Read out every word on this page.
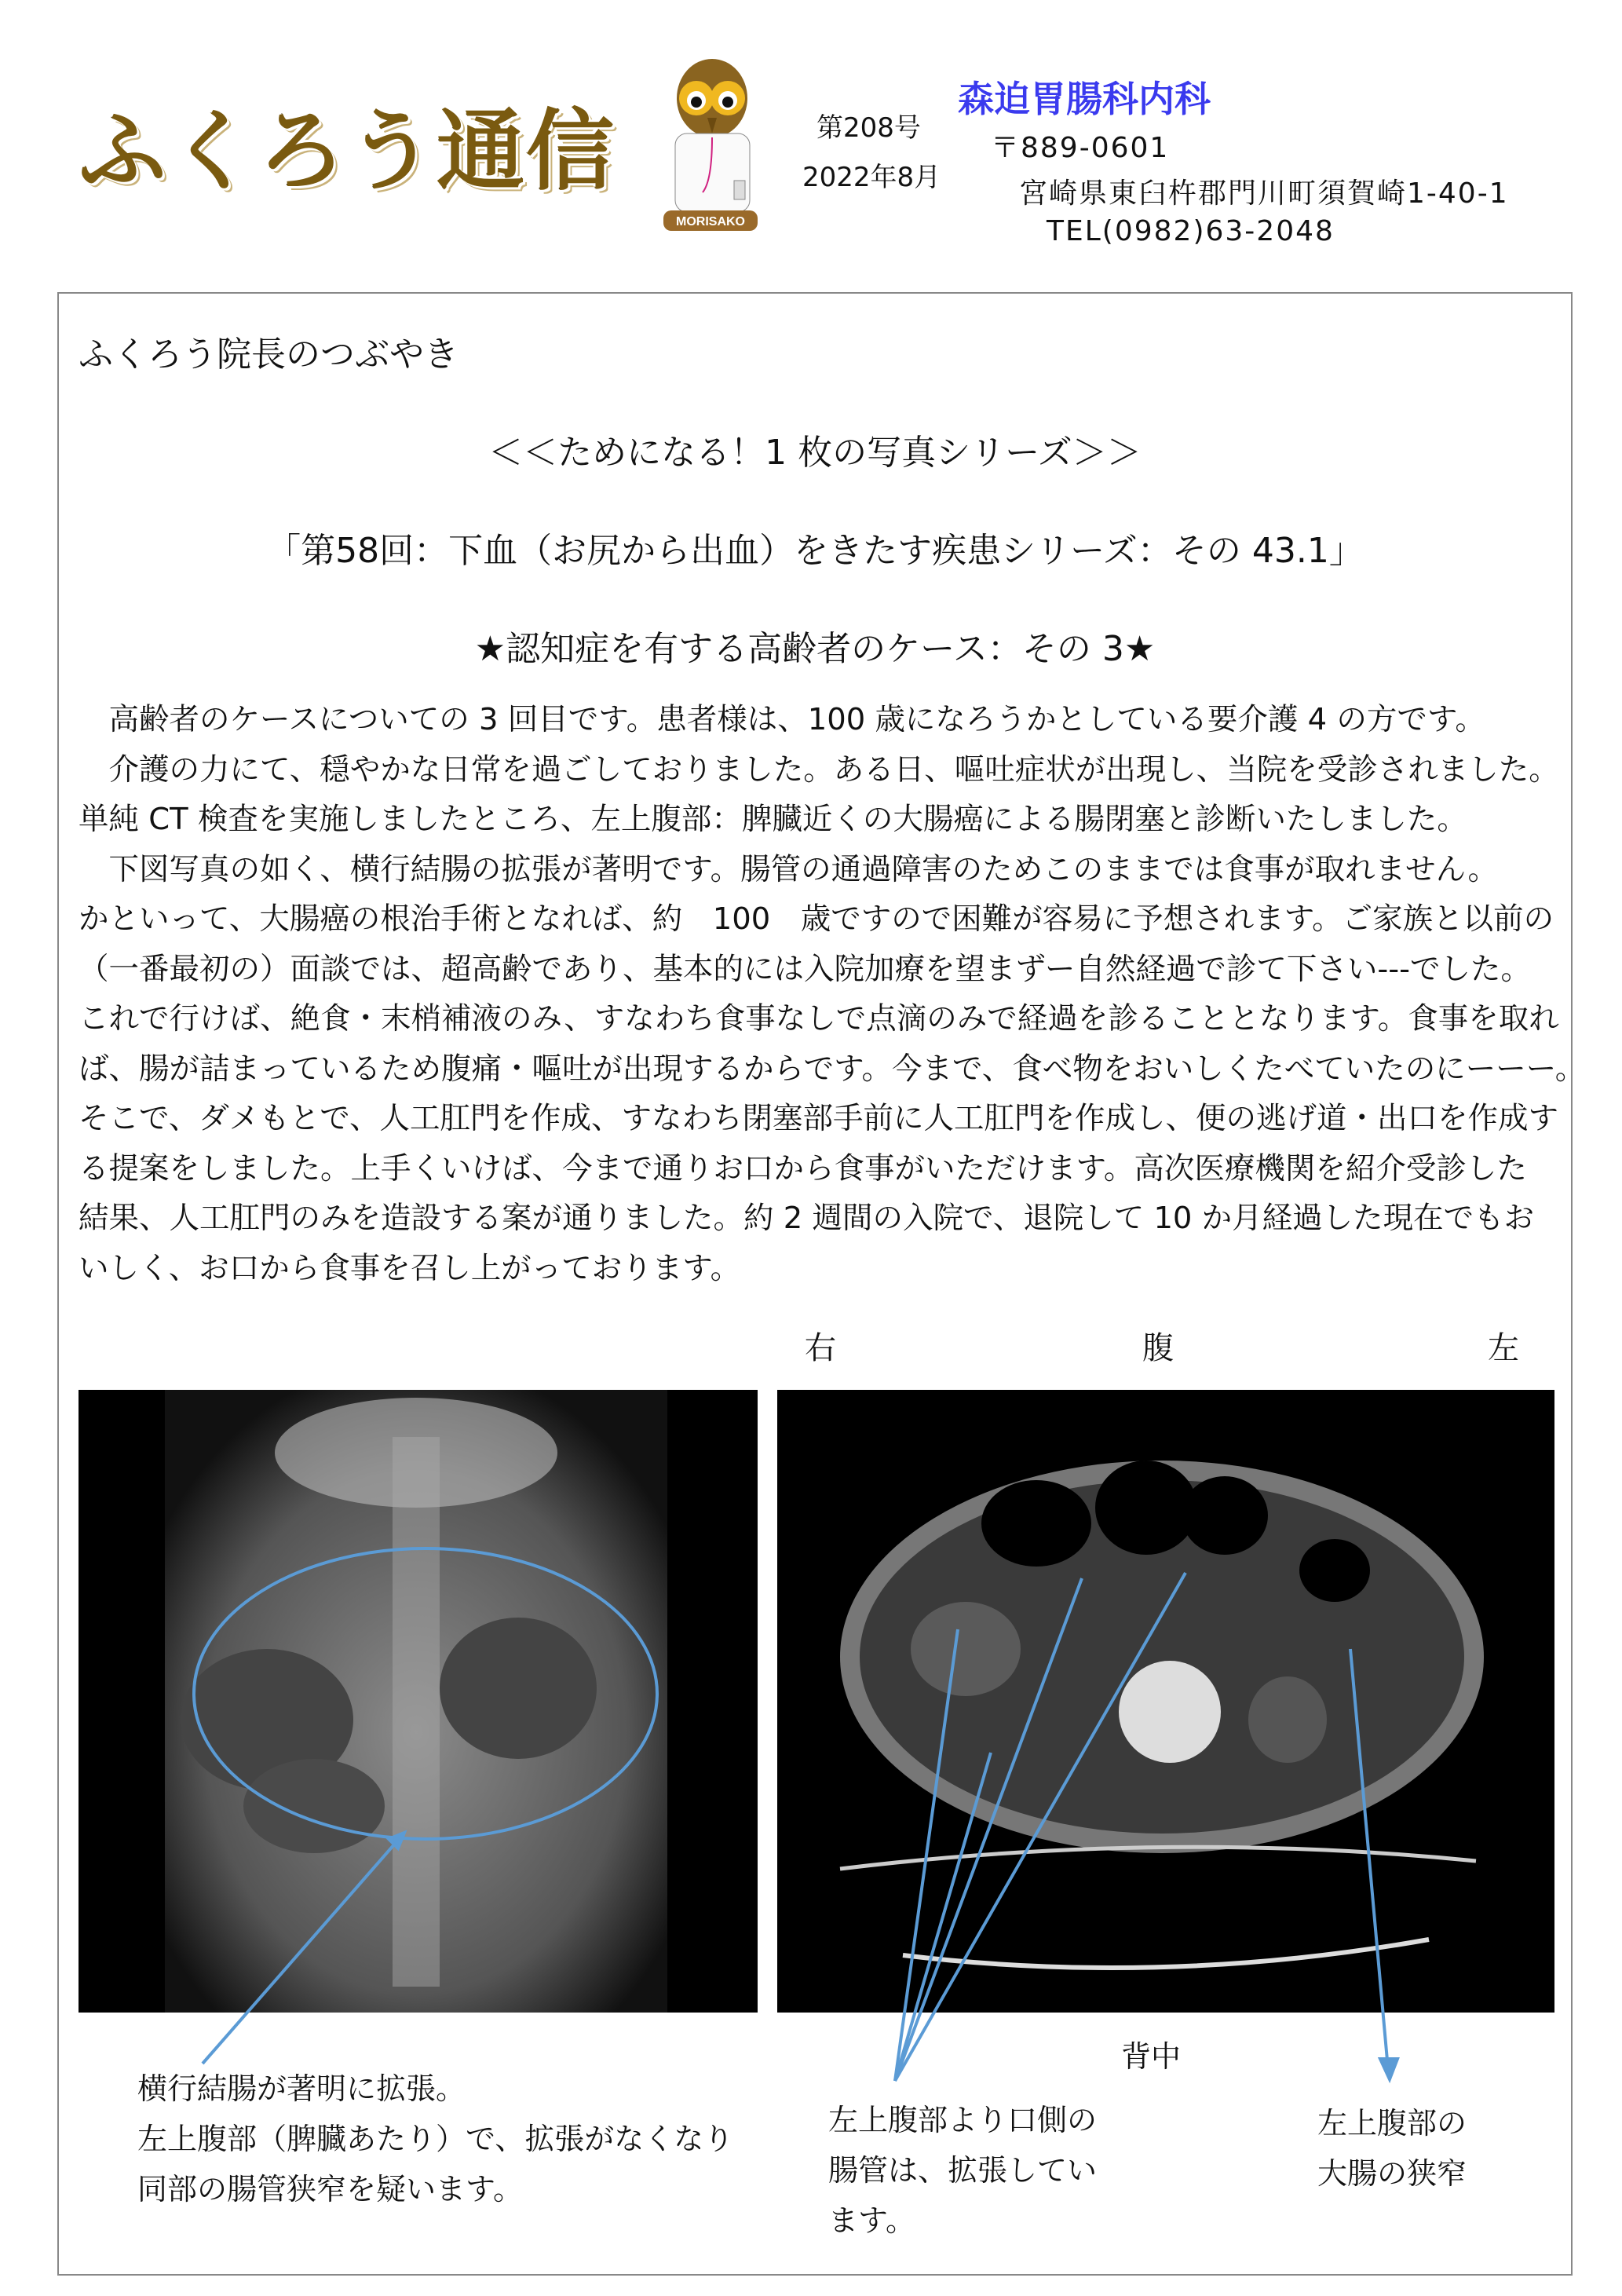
ふくろう通信
MORISAKO
第208号
2022年8月
森迫胃腸科内科
〒889-0601
宮崎県東臼杵郡門川町須賀崎1-40-1
TEL(0982)63-2048
ふくろう院長のつぶやき
＜＜ためになる！1 枚の写真シリーズ＞＞
「第58回：下血（お尻から出血）をきたす疾患シリーズ：その 43.1」
★認知症を有する高齢者のケース：その 3★
　高齢者のケースについての 3 回目です。患者様は、100 歳になろうかとしている要介護 4 の方です。
　介護の力にて、穏やかな日常を過ごしておりました。ある日、嘔吐症状が出現し、当院を受診されました。
単純 CT 検査を実施しましたところ、左上腹部：脾臓近くの大腸癌による腸閉塞と診断いたしました。
　下図写真の如く、横行結腸の拡張が著明です。腸管の通過障害のためこのままでは食事が取れません。
かといって、大腸癌の根治手術となれば、約　100　歳ですので困難が容易に予想されます。ご家族と以前の
（一番最初の）面談では、超高齢であり、基本的には入院加療を望まずー自然経過で診て下さい---でした。
これで行けば、絶食・末梢補液のみ、すなわち食事なしで点滴のみで経過を診ることとなります。食事を取れ
ば、腸が詰まっているため腹痛・嘔吐が出現するからです。今まで、食べ物をおいしくたべていたのにーーー。
そこで、ダメもとで、人工肛門を作成、すなわち閉塞部手前に人工肛門を作成し、便の逃げ道・出口を作成す
る提案をしました。上手くいけば、今まで通りお口から食事がいただけます。高次医療機関を紹介受診した
結果、人工肛門のみを造設する案が通りました。約 2 週間の入院で、退院して 10 か月経過した現在でもお
いしく、お口から食事を召し上がっております。
右	腹	左
背中
横行結腸が著明に拡張。
左上腹部（脾臓あたり）で、拡張がなくなり
同部の腸管狭窄を疑います。
左上腹部より口側の
腸管は、拡張してい
ます。
左上腹部の
大腸の狭窄
